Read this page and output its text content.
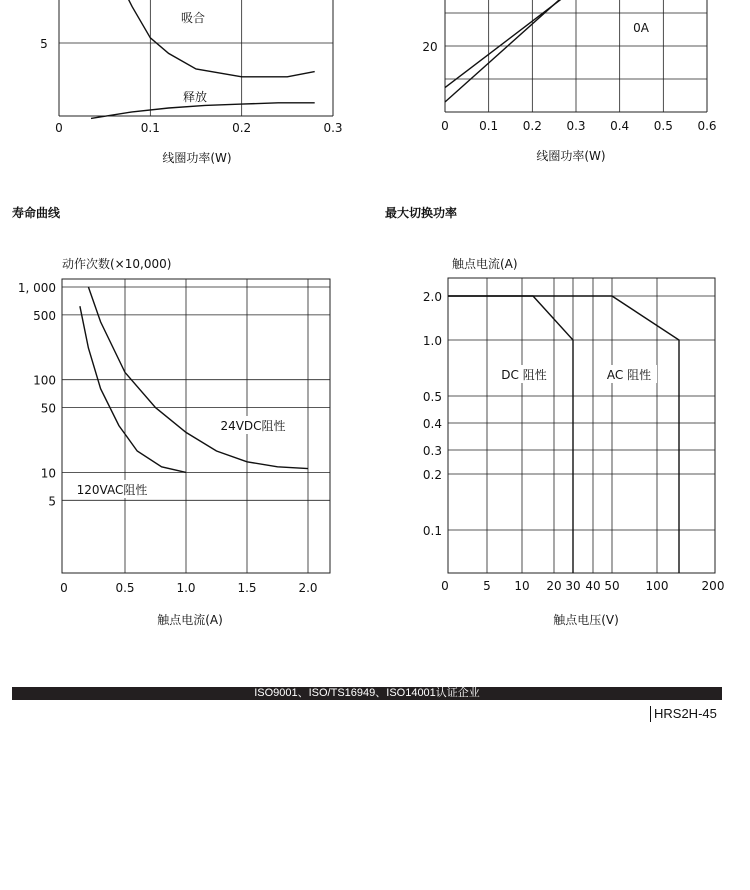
寿命曲线	最大切换功率
0	0.1	0.2	0.3
5
吸合
释放
线圈功率(W)
0	0.1 0.2 0.3 0.4 0.5 0.6
20
0A
线圈功率(W)
0	0.5	1.0	1.5	2.0
1, 000
500
100
50
10
5
24VDC阻性
120VAC阻性
动作次数(×10,000)
触点电流(A)
0	5 10 20 30 40 50 100	200
2.0
1.0
0.5
0.4
0.3
0.2
0.1
DC 阻性	AC 阻性
触点电流(A)
触点电压(V)
ISO9001、ISO/TS16949、ISO14001认证企业
HRS2H-45
